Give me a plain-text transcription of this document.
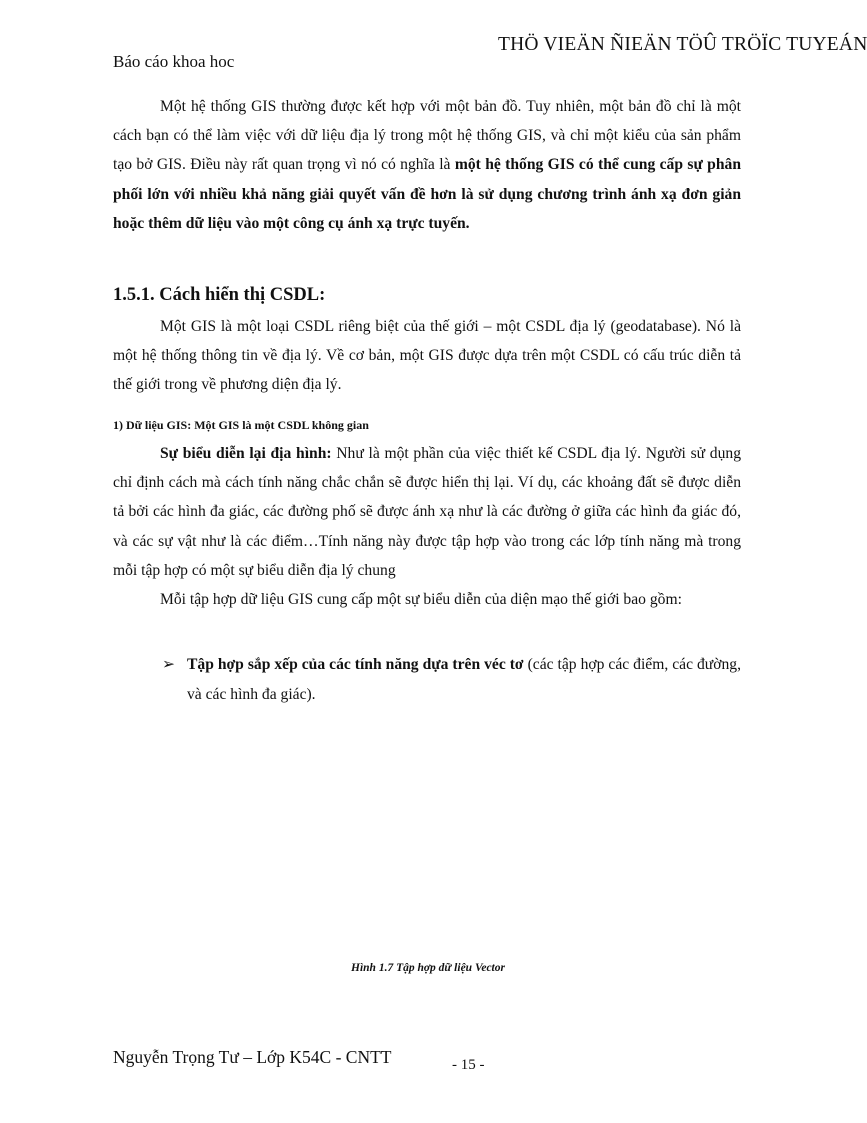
THÖ VIEÄN ÑIEÄN TÖÛ TRÖÏC TUYEÁN
Báo cáo khoa hoc

Một hệ thống GIS thường được kết hợp với một bản đồ. Tuy nhiên, một bản đồ chỉ là một cách bạn có thể làm việc với dữ liệu địa lý trong một hệ thống GIS, và chỉ một kiểu của sản phẩm tạo bở GIS. Điều này rất quan trọng vì nó có nghĩa là một hệ thống GIS có thể cung cấp sự phân phối lớn với nhiều khả năng giải quyết vấn đề hơn là sử dụng chương trình ánh xạ đơn giản hoặc thêm dữ liệu vào một công cụ ánh xạ trực tuyến.

1.5.1. Cách hiển thị CSDL:

Một GIS là một loại CSDL riêng biệt của thế giới – một CSDL địa lý (geodatabase). Nó là một hệ thống thông tin về địa lý. Về cơ bản, một GIS được dựa trên một CSDL có cấu trúc diễn tả thế giới trong về phương diện địa lý.

1) Dữ liệu GIS: Một GIS là một CSDL không gian

Sự biểu diễn lại địa hình: Như là một phần của việc thiết kế CSDL địa lý. Người sử dụng chỉ định cách mà cách tính năng chắc chắn sẽ được hiển thị lại. Ví dụ, các khoảng đất sẽ được diễn tả bởi các hình đa giác, các đường phố sẽ được ánh xạ như là các đường ở giữa các hình đa giác đó, và các sự vật như là các điểm…Tính năng này được tập hợp vào trong các lớp tính năng mà trong mỗi tập hợp có một sự biểu diễn địa lý chung

Mỗi tập hợp dữ liệu GIS cung cấp một sự biểu diễn của diện mạo thế giới bao gồm:

➢ Tập hợp sắp xếp của các tính năng dựa trên véc tơ (các tập hợp các điểm, các đường, và các hình đa giác).
Hình 1.7 Tập hợp dữ liệu Vector
Nguyễn Trọng Tư – Lớp K54C - CNTT	- 15 -
